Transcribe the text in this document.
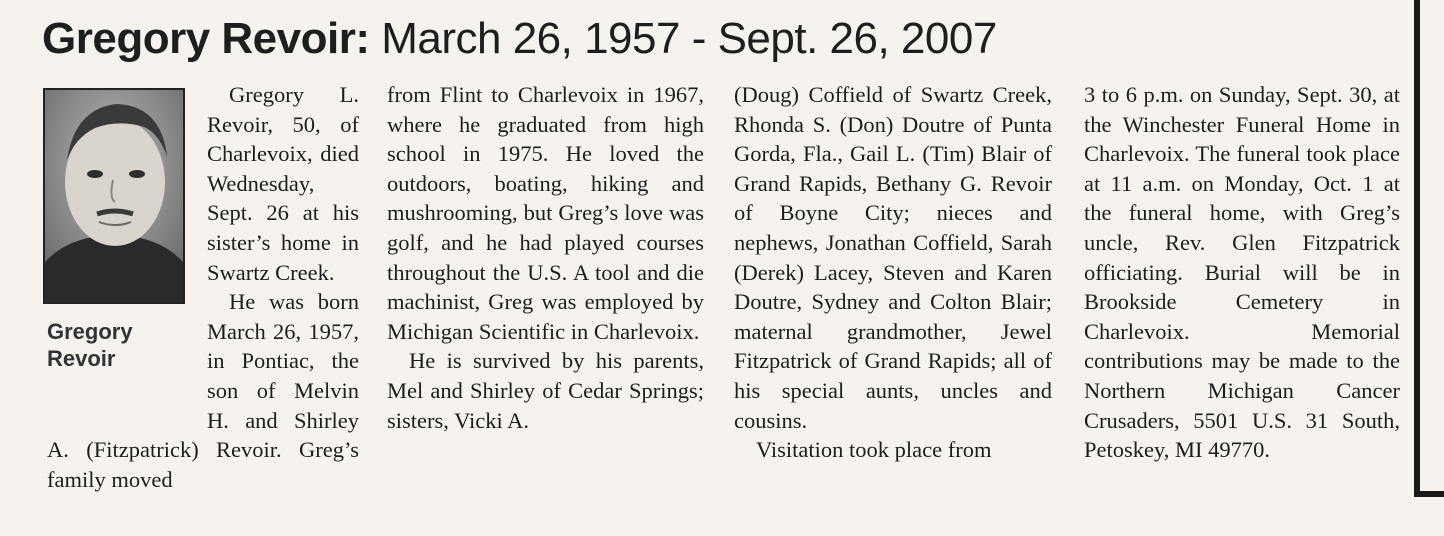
Gregory Revoir: March 26, 1957 - Sept. 26, 2007
Gregory
Revoir

Gregory L. Revoir, 50, of Charlevoix, died Wednesday, Sept. 26 at his sister’s home in Swartz Creek.

He was born March 26, 1957, in Pontiac, the son of Melvin H. and Shirley A. (Fitzpatrick) Revoir. Greg’s family moved

from Flint to Charlevoix in 1967, where he graduated from high school in 1975. He loved the outdoors, boating, hiking and mushrooming, but Greg’s love was golf, and he had played courses throughout the U.S. A tool and die machinist, Greg was employed by Michigan Scientific in Charlevoix.

He is survived by his parents, Mel and Shirley of Cedar Springs; sisters, Vicki A.

(Doug) Coffield of Swartz Creek, Rhonda S. (Don) Doutre of Punta Gorda, Fla., Gail L. (Tim) Blair of Grand Rapids, Bethany G. Revoir of Boyne City; nieces and nephews, Jonathan Coffield, Sarah (Derek) Lacey, Steven and Karen Doutre, Sydney and Colton Blair; maternal grandmother, Jewel Fitzpatrick of Grand Rapids; all of his special aunts, uncles and cousins.

Visitation took place from

3 to 6 p.m. on Sunday, Sept. 30, at the Winchester Funeral Home in Charlevoix. The funeral took place at 11 a.m. on Monday, Oct. 1 at the funeral home, with Greg’s uncle, Rev. Glen Fitzpatrick officiating. Burial will be in Brookside Cemetery in Charlevoix. Memorial contributions may be made to the Northern Michigan Cancer Crusaders, 5501 U.S. 31 South, Petoskey, MI 49770.
